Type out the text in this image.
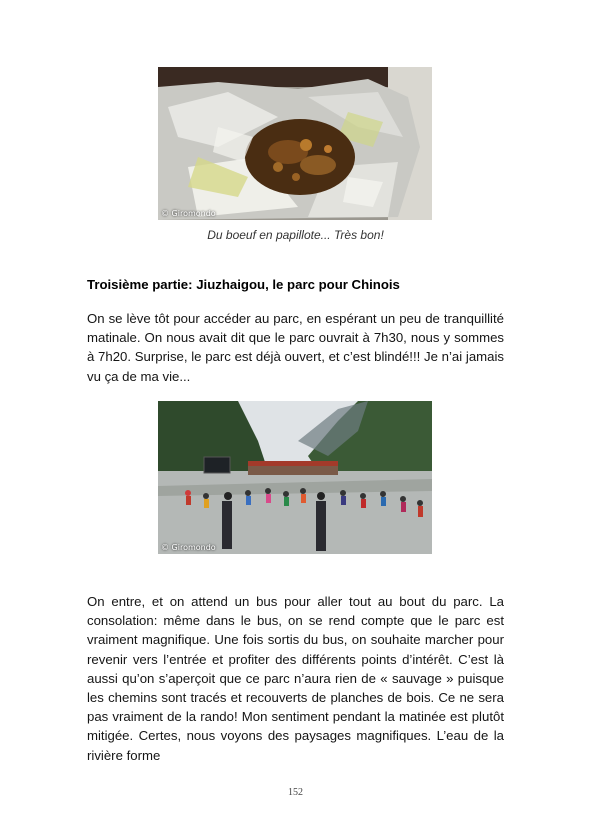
© Giromondo
Du boeuf en papillote... Très bon!
Troisième partie: Jiuzhaigou, le parc pour Chinois
On se lève tôt pour accéder au parc, en espérant un peu de tranquillité matinale. On nous avait dit que le parc ouvrait à 7h30, nous y sommes à 7h20. Surprise, le parc est déjà ouvert, et c’est blindé!!! Je n’ai jamais vu ça de ma vie...
© Giromondo
On entre, et on attend un bus pour aller tout au bout du parc. La consolation: même dans le bus, on se rend compte que le parc est vraiment magnifique. Une fois sortis du bus, on souhaite marcher pour revenir vers l’entrée et profiter des différents points d’intérêt. C’est là aussi qu’on s’aperçoit que ce parc n’aura rien de « sauvage » puisque les chemins sont tracés et recouverts de planches de bois. Ce ne sera pas vraiment de la rando! Mon sentiment pendant la matinée est plutôt mitigée. Certes, nous voyons des paysages magnifiques. L’eau de la rivière forme
152
